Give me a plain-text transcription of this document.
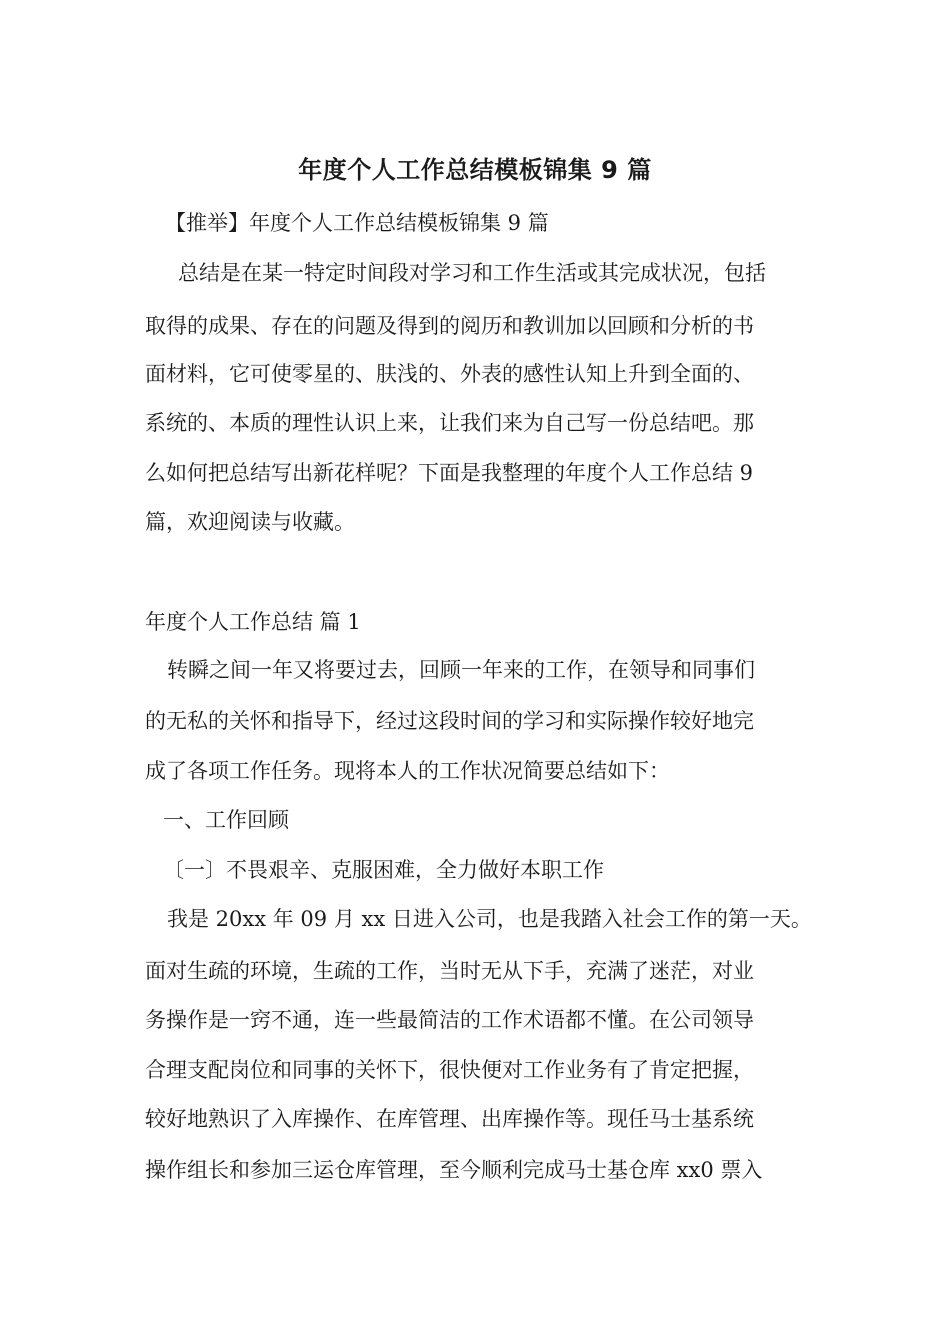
年度个人工作总结模板锦集 9 篇
【推举】年度个人工作总结模板锦集 9 篇
总结是在某一特定时间段对学习和工作生活或其完成状况，包括
取得的成果、存在的问题及得到的阅历和教训加以回顾和分析的书
面材料，它可使零星的、肤浅的、外表的感性认知上升到全面的、
系统的、本质的理性认识上来，让我们来为自己写一份总结吧。那
么如何把总结写出新花样呢？下面是我整理的年度个人工作总结 9
篇，欢迎阅读与收藏。
年度个人工作总结 篇 1
转瞬之间一年又将要过去，回顾一年来的工作，在领导和同事们
的无私的关怀和指导下，经过这段时间的学习和实际操作较好地完
成了各项工作任务。现将本人的工作状况简要总结如下：
一、工作回顾
〔一〕不畏艰辛、克服困难，全力做好本职工作
我是 20xx 年 09 月 xx 日进入公司，也是我踏入社会工作的第一天。
面对生疏的环境，生疏的工作，当时无从下手，充满了迷茫，对业
务操作是一窍不通，连一些最简洁的工作术语都不懂。在公司领导
合理支配岗位和同事的关怀下，很快便对工作业务有了肯定把握，
较好地熟识了入库操作、在库管理、出库操作等。现任马士基系统
操作组长和参加三运仓库管理，至今顺利完成马士基仓库 xx0 票入
